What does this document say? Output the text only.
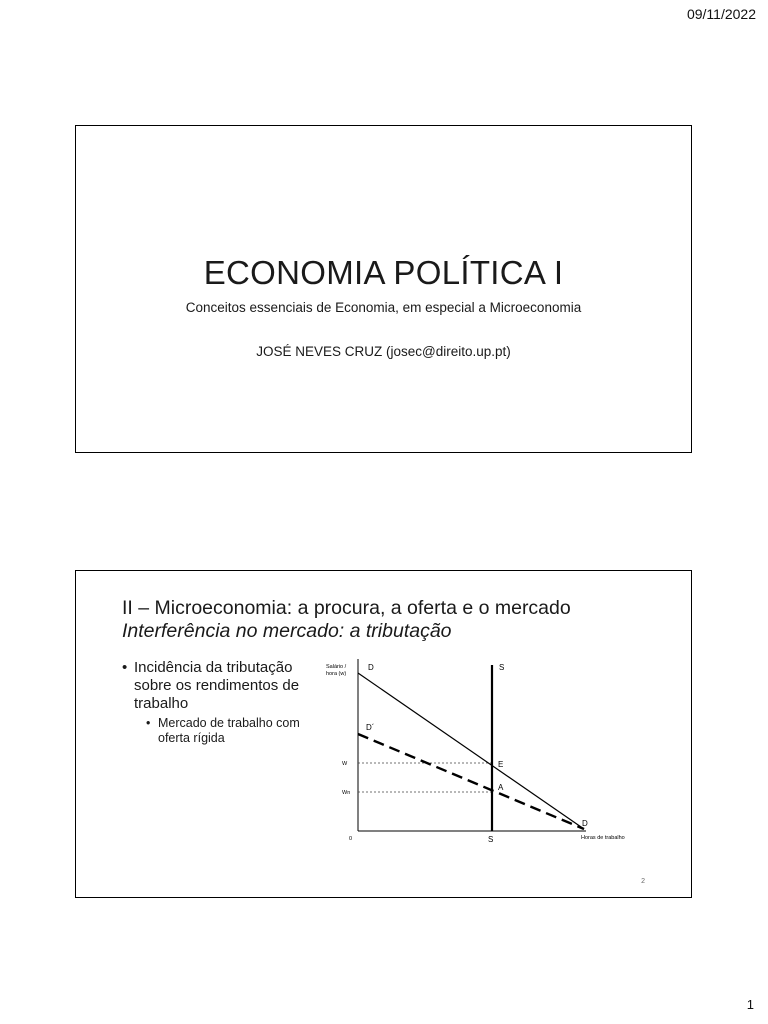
09/11/2022
ECONOMIA POLÍTICA I
Conceitos essenciais de Economia, em especial a Microeconomia
JOSÉ NEVES CRUZ (josec@direito.up.pt)
II – Microeconomia: a procura, a oferta e o mercado
Interferência no mercado: a tributação
• Incidência da tributação sobre os rendimentos de trabalho
• Mercado de trabalho com oferta rígida
Salário /
hora (w)
D	S
D´
W
Wn
E
A
D
0	S	Horas de trabalho
2
1
